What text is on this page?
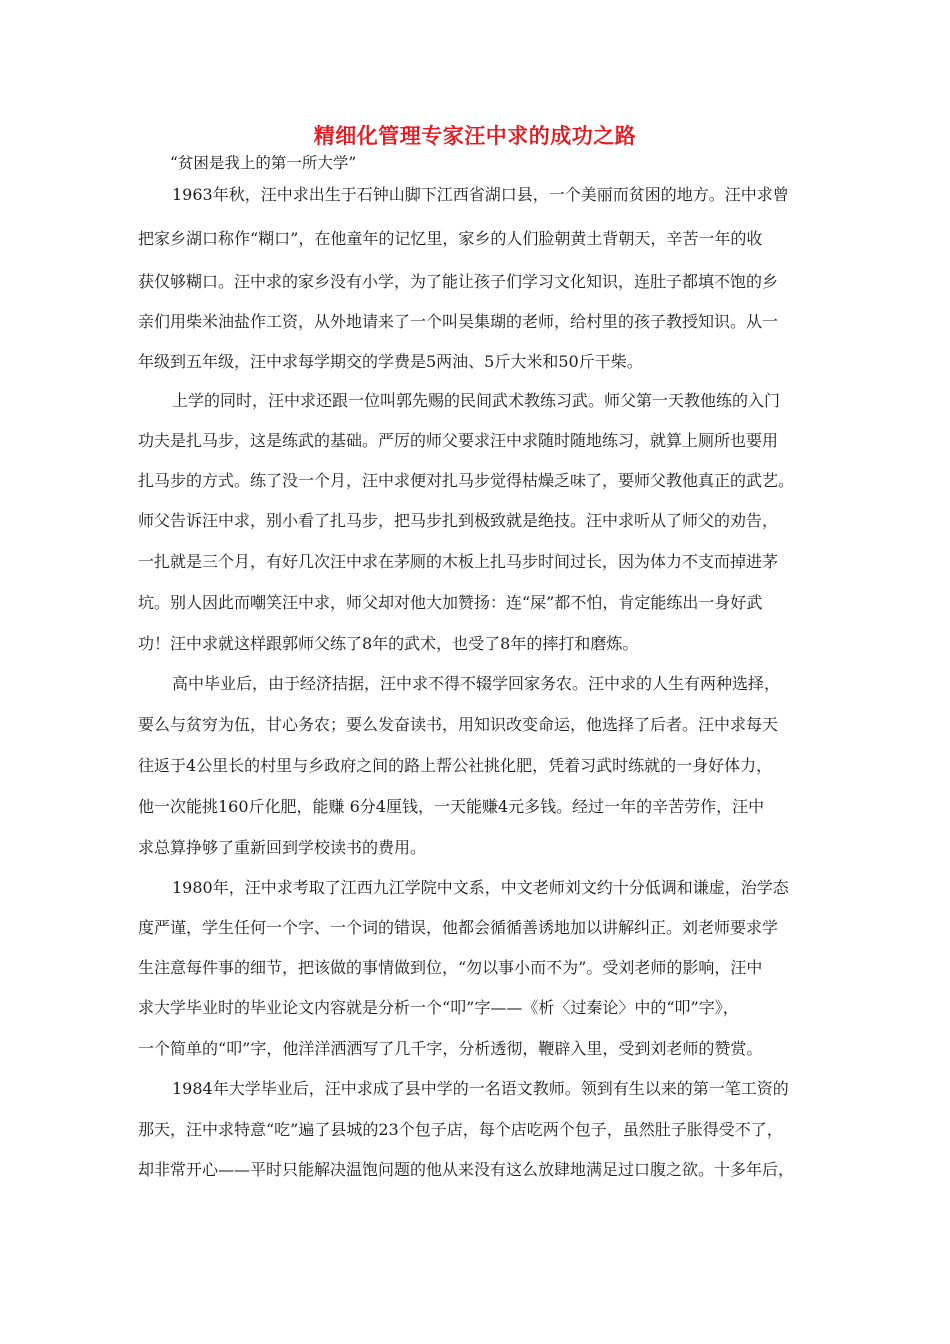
精细化管理专家汪中求的成功之路
“贫困是我上的第一所大学”
1963年秋，汪中求出生于石钟山脚下江西省湖口县，一个美丽而贫困的地方。汪中求曾
把家乡湖口称作“糊口”，在他童年的记忆里，家乡的人们脸朝黄土背朝天，辛苦一年的收
获仅够糊口。汪中求的家乡没有小学，为了能让孩子们学习文化知识，连肚子都填不饱的乡
亲们用柴米油盐作工资，从外地请来了一个叫吴集瑚的老师，给村里的孩子教授知识。从一
年级到五年级，汪中求每学期交的学费是5两油、5斤大米和50斤干柴。
上学的同时，汪中求还跟一位叫郭先赐的民间武术教练习武。师父第一天教他练的入门
功夫是扎马步，这是练武的基础。严厉的师父要求汪中求随时随地练习，就算上厕所也要用
扎马步的方式。练了没一个月，汪中求便对扎马步觉得枯燥乏味了，要师父教他真正的武艺。
师父告诉汪中求，别小看了扎马步，把马步扎到极致就是绝技。汪中求听从了师父的劝告，
一扎就是三个月，有好几次汪中求在茅厕的木板上扎马步时间过长，因为体力不支而掉进茅
坑。别人因此而嘲笑汪中求，师父却对他大加赞扬：连“屎”都不怕，肯定能练出一身好武
功！汪中求就这样跟郭师父练了8年的武术，也受了8年的摔打和磨炼。
高中毕业后，由于经济拮据，汪中求不得不辍学回家务农。汪中求的人生有两种选择，
要么与贫穷为伍，甘心务农；要么发奋读书，用知识改变命运，他选择了后者。汪中求每天
往返于4公里长的村里与乡政府之间的路上帮公社挑化肥，凭着习武时练就的一身好体力，
他一次能挑160斤化肥，能赚 6分4厘钱，一天能赚4元多钱。经过一年的辛苦劳作，汪中
求总算挣够了重新回到学校读书的费用。
1980年，汪中求考取了江西九江学院中文系，中文老师刘文约十分低调和谦虚，治学态
度严谨，学生任何一个字、一个词的错误，他都会循循善诱地加以讲解纠正。刘老师要求学
生注意每件事的细节，把该做的事情做到位，“勿以事小而不为”。受刘老师的影响，汪中
求大学毕业时的毕业论文内容就是分析一个“叩”字——《析〈过秦论〉中的“叩”字》，
一个简单的“叩”字，他洋洋洒洒写了几千字，分析透彻，鞭辟入里，受到刘老师的赞赏。
1984年大学毕业后，汪中求成了县中学的一名语文教师。领到有生以来的第一笔工资的
那天，汪中求特意“吃”遍了县城的23个包子店，每个店吃两个包子，虽然肚子胀得受不了，
却非常开心——平时只能解决温饱问题的他从来没有这么放肆地满足过口腹之欲。十多年后，
